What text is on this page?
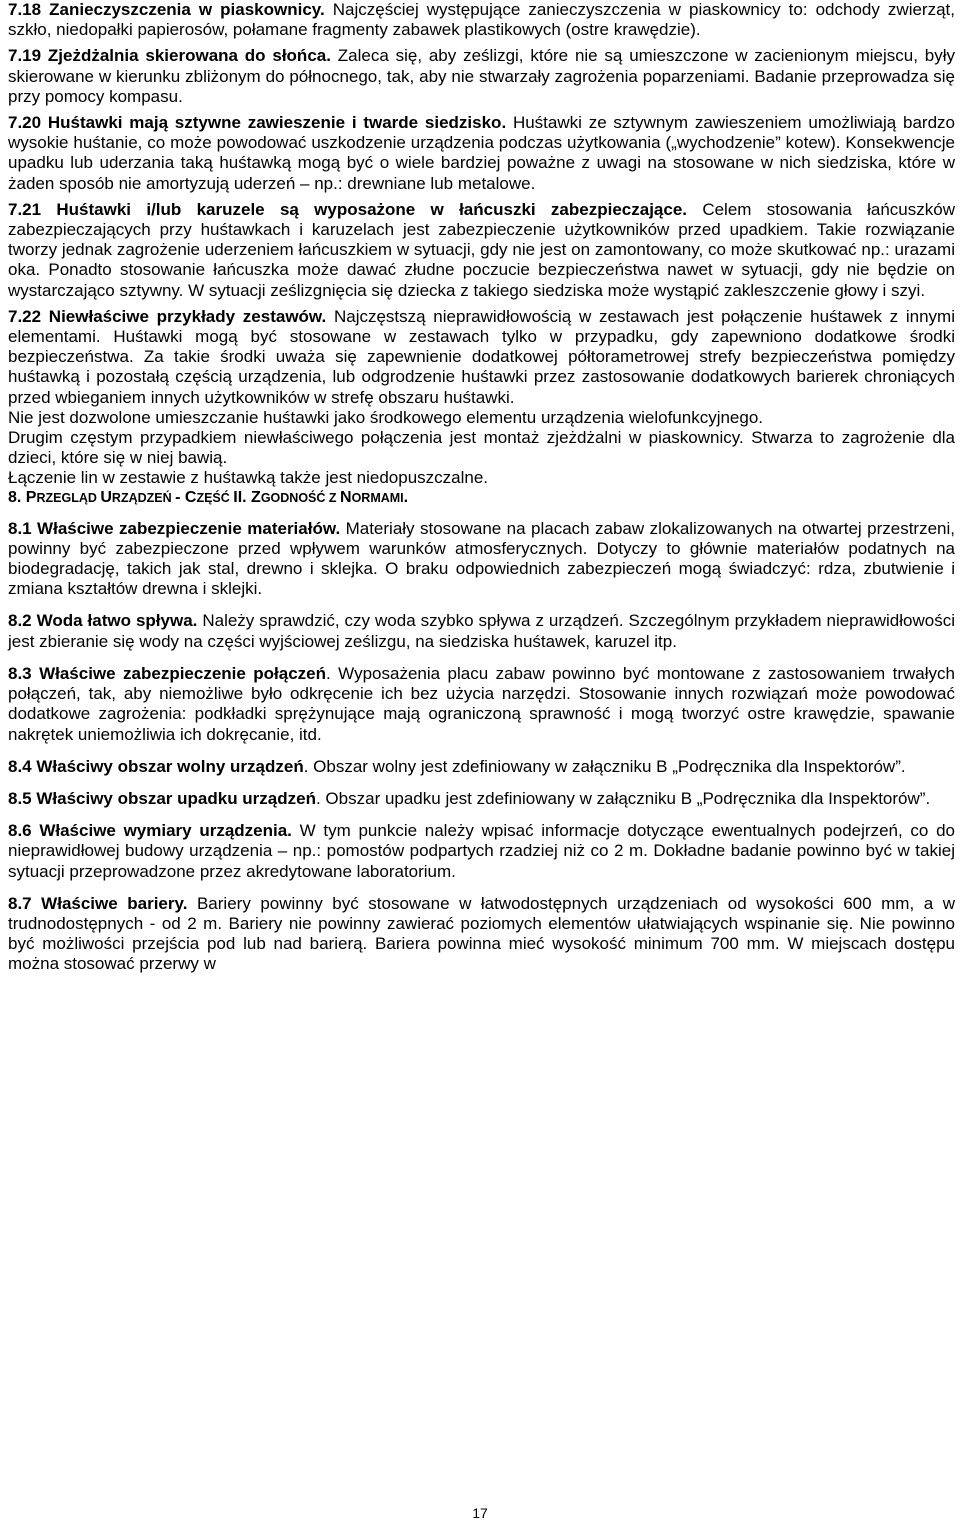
7.18 Zanieczyszczenia w piaskownicy. Najczęściej występujące zanieczyszczenia w piaskownicy to: odchody zwierząt, szkło, niedopałki papierosów, połamane fragmenty zabawek plastikowych (ostre krawędzie).

7.19 Zjeżdżalnia skierowana do słońca. Zaleca się, aby ześlizgi, które nie są umieszczone w zacienionym miejscu, były skierowane w kierunku zbliżonym do północnego, tak, aby nie stwarzały zagrożenia poparzeniami. Badanie przeprowadza się przy pomocy kompasu.

7.20 Huśtawki mają sztywne zawieszenie i twarde siedzisko. Huśtawki ze sztywnym zawieszeniem umożliwiają bardzo wysokie huśtanie, co może powodować uszkodzenie urządzenia podczas użytkowania („wychodzenie” kotew). Konsekwencje upadku lub uderzania taką huśtawką mogą być o wiele bardziej poważne z uwagi na stosowane w nich siedziska, które w żaden sposób nie amortyzują uderzeń – np.: drewniane lub metalowe.

7.21 Huśtawki i/lub karuzele są wyposażone w łańcuszki zabezpieczające. Celem stosowania łańcuszków zabezpieczających przy huśtawkach i karuzelach jest zabezpieczenie użytkowników przed upadkiem. Takie rozwiązanie tworzy jednak zagrożenie uderzeniem łańcuszkiem w sytuacji, gdy nie jest on zamontowany, co może skutkować np.: urazami oka. Ponadto stosowanie łańcuszka może dawać złudne poczucie bezpieczeństwa nawet w sytuacji, gdy nie będzie on wystarczająco sztywny. W sytuacji ześlizgnięcia się dziecka z takiego siedziska może wystąpić zakleszczenie głowy i szyi.

7.22 Niewłaściwe przykłady zestawów. Najczęstszą nieprawidłowością w zestawach jest połączenie huśtawek z innymi elementami. Huśtawki mogą być stosowane w zestawach tylko w przypadku, gdy zapewniono dodatkowe środki bezpieczeństwa. Za takie środki uważa się zapewnienie dodatkowej półtorametrowej strefy bezpieczeństwa pomiędzy huśtawką i pozostałą częścią urządzenia, lub odgrodzenie huśtawki przez zastosowanie dodatkowych barierek chroniących przed wbieganiem innych użytkowników w strefę obszaru huśtawki.

Nie jest dozwolone umieszczanie huśtawki jako środkowego elementu urządzenia wielofunkcyjnego.

Drugim częstym przypadkiem niewłaściwego połączenia jest montaż zjeżdżalni w piaskownicy. Stwarza to zagrożenie dla dzieci, które się w niej bawią.

Łączenie lin w zestawie z huśtawką także jest niedopuszczalne.

8. PRZEGLĄD URZĄDZEŃ - CZĘŚĆ II. ZGODNOŚĆ Z NORMAMI.

8.1 Właściwe zabezpieczenie materiałów. Materiały stosowane na placach zabaw zlokalizowanych na otwartej przestrzeni, powinny być zabezpieczone przed wpływem warunków atmosferycznych. Dotyczy to głównie materiałów podatnych na biodegradację, takich jak stal, drewno i sklejka. O braku odpowiednich zabezpieczeń mogą świadczyć: rdza, zbutwienie i zmiana kształtów drewna i sklejki.

8.2 Woda łatwo spływa. Należy sprawdzić, czy woda szybko spływa z urządzeń. Szczególnym przykładem nieprawidłowości jest zbieranie się wody na części wyjściowej ześlizgu, na siedziska huśtawek, karuzel itp.

8.3 Właściwe zabezpieczenie połączeń. Wyposażenia placu zabaw powinno być montowane z zastosowaniem trwałych połączeń, tak, aby niemożliwe było odkręcenie ich bez użycia narzędzi. Stosowanie innych rozwiązań może powodować dodatkowe zagrożenia: podkładki sprężynujące mają ograniczoną sprawność i mogą tworzyć ostre krawędzie, spawanie nakrętek uniemożliwia ich dokręcanie, itd.

8.4 Właściwy obszar wolny urządzeń. Obszar wolny jest zdefiniowany w załączniku B „Podręcznika dla Inspektorów”.

8.5 Właściwy obszar upadku urządzeń. Obszar upadku jest zdefiniowany w załączniku B „Podręcznika dla Inspektorów”.

8.6 Właściwe wymiary urządzenia. W tym punkcie należy wpisać informacje dotyczące ewentualnych podejrzeń, co do nieprawidłowej budowy urządzenia – np.: pomostów podpartych rzadziej niż co 2 m. Dokładne badanie powinno być w takiej sytuacji przeprowadzone przez akredytowane laboratorium.

8.7 Właściwe bariery. Bariery powinny być stosowane w łatwodostępnych urządzeniach od wysokości 600 mm, a w trudnodostępnych - od 2 m. Bariery nie powinny zawierać poziomych elementów ułatwiających wspinanie się. Nie powinno być możliwości przejścia pod lub nad barierą. Bariera powinna mieć wysokość minimum 700 mm. W miejscach dostępu można stosować przerwy w

17
